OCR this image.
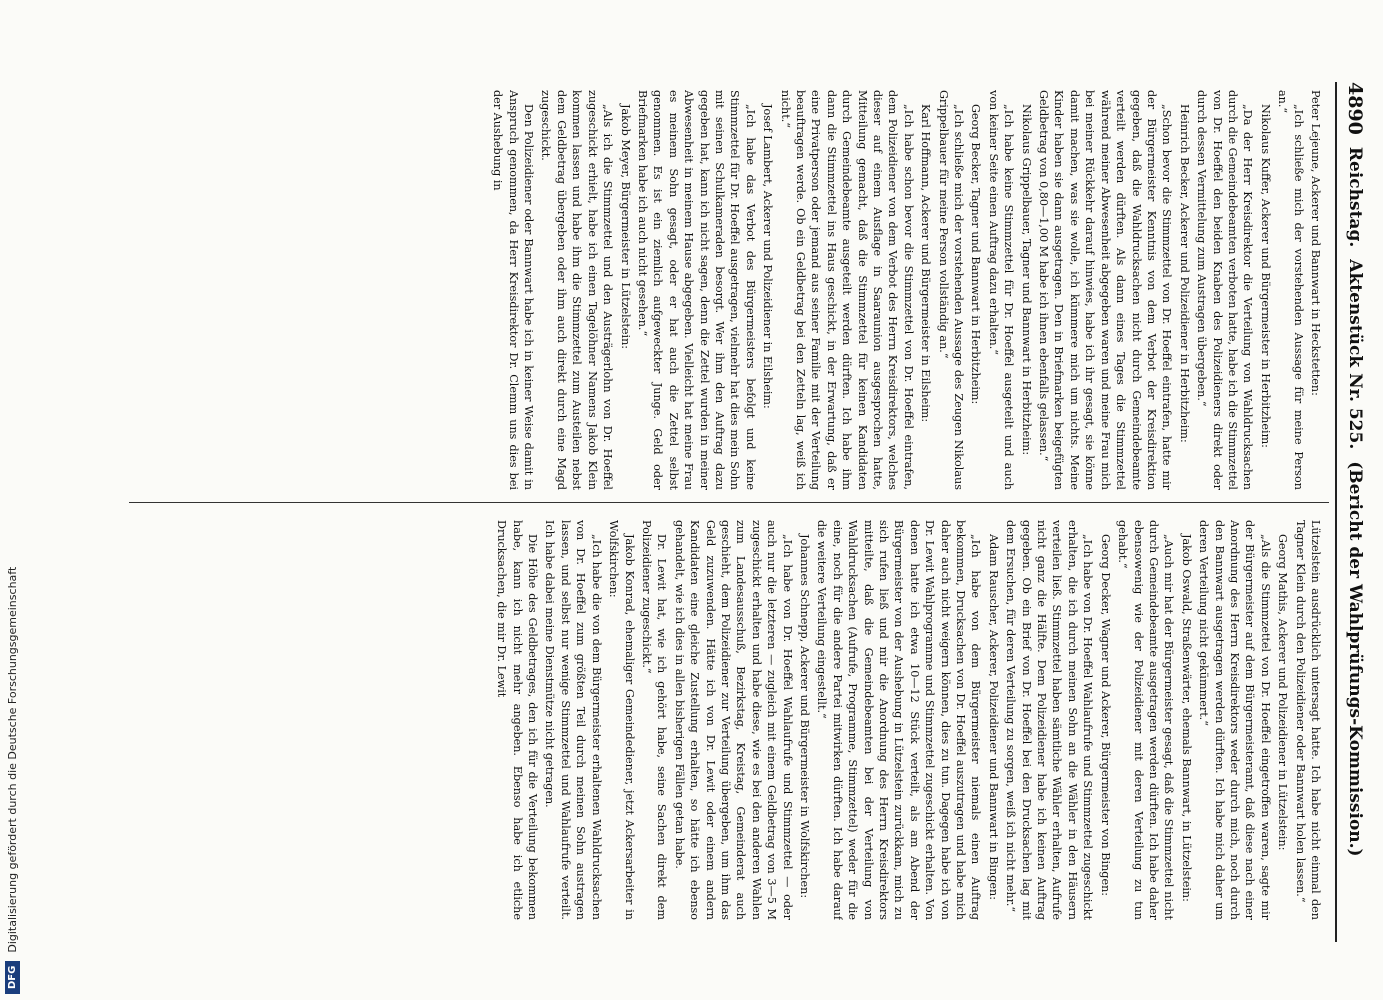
4890
Reichstag.
Aktenstück Nr. 525.
(Bericht der Wahlprüfungs-Kommission.)

Peter Lejeune, Ackerer und Bannwart in Heckstetten:

„Ich schließe mich der vorstehenden Aussage für meine Person an.“

Nikolaus Kuffer, Ackerer und Bürgermeister in Herbitzheim:

„Da der Herr Kreisdirektor die Verteilung von Wahldrucksachen durch die Gemeindebeamten verboten hatte, habe ich die Stimmzettel von Dr. Hoeffel den beiden Knaben des Polizeidieners direkt oder durch dessen Vermittelung zum Austragen übergeben.“

Heinrich Becker, Ackerer und Polizeidiener in Herbitzheim:

„Schon bevor die Stimmzettel von Dr. Hoeffel eintrafen, hatte mir der Bürgermeister Kenntnis von dem Verbot der Kreisdirektion gegeben, daß die Wahldrucksachen nicht durch Gemeindebeamte verteilt werden dürften. Als dann eines Tages die Stimmzettel während meiner Abwesenheit abgegeben waren und meine Frau mich bei meiner Rückkehr darauf hinwies, habe ich ihr gesagt, sie könne damit machen, was sie wolle, ich kümmere mich um nichts. Meine Kinder haben sie dann ausgetragen. Den in Briefmarken beigefügten Geldbetrag von 0,80—1,00 M habe ich ihnen ebenfalls gelassen.“

Nikolaus Grippelbauer, Tagner und Bannwart in Herbitzheim:

„Ich habe keine Stimmzettel für Dr. Hoeffel ausgeteilt und auch von keiner Seite einen Auftrag dazu erhalten.“

Georg Becker, Tagner und Bannwart in Herbitzheim:

„Ich schließe mich der vorstehenden Aussage des Zeugen Nikolaus Grippelbauer für meine Person vollständig an.“

Karl Hoffmann, Ackerer und Bürgermeister in Eilsheim:

„Ich habe schon bevor die Stimmzettel von Dr. Hoeffel eintrafen, dem Polizeidiener von dem Verbot des Herrn Kreisdirektors, welches dieser auf einem Ausflage in Saaraunion ausgesprochen hatte, Mitteilung gemacht, daß die Stimmzettel für keinen Kandidaten durch Gemeindebeamte ausgeteilt werden dürften. Ich habe ihm dann die Stimmzettel ins Haus geschickt, in der Erwartung, daß er eine Privatperson oder jemand aus seiner Familie mit der Verteilung beauftragen werde. Ob ein Geldbetrag bei den Zetteln lag, weiß ich nicht.“

Josef Lambert, Ackerer und Polizeidiener in Eilsheim:

„Ich habe das Verbot des Bürgermeisters befolgt und keine Stimmzettel für Dr. Hoeffel ausgetragen, vielmehr hat dies mein Sohn mit seinen Schulkameraden besorgt. Wer ihm den Auftrag dazu gegeben hat, kann ich nicht sagen, denn die Zettel wurden in meiner Abwesenheit in meinem Hause abgegeben. Vielleicht hat meine Frau es meinem Sohn gesagt, oder er hat auch die Zettel selbst genommen. Es ist ein ziemlich aufgeweckter Junge. Geld oder Briefmarken habe ich auch nicht gesehen.“

Jakob Meyer, Bürgermeister in Lützelstein:

„Als ich die Stimmzettel und den Austrägerlohn von Dr. Hoeffel zugeschickt erhielt, habe ich einen Tagelöhner Namens Jakob Klein kommen lassen und habe ihm die Stimmzettel zum Austeilen nebst dem Geldbetrag übergeben oder ihm auch direkt durch eine Magd zugeschickt.

Den Polizeidiener oder Bannwart habe ich in keiner Weise damit in Anspruch genommen, da Herr Kreisdirektor Dr. Clemm uns dies bei der Aushebung in

Lützelstein ausdrücklich untersagt hatte. Ich habe nicht einmal den Tagner Klein durch den Polizeidiener oder Bannwart holen lassen.“

Georg Mathis, Ackerer und Polizeidiener in Lützelstein:

„Als die Stimmzettel von Dr. Hoeffel eingetroffen waren, sagte mir der Bürgermeister auf dem Bürgermeisteramt, daß diese nach einer Anordnung des Herrn Kreisdirektors weder durch mich, noch durch den Bannwart ausgetragen werden dürften. Ich habe mich daher um deren Verteilung nicht gekümmert.“

Jakob Oswald, Straßenwärter, ehemals Bannwart, in Lützelstein:

„Auch mir hat der Bürgermeister gesagt, daß die Stimmzettel nicht durch Gemeindebeamte ausgetragen werden dürften. Ich habe daher ebensowenig wie der Polizeidiener mit deren Verteilung zu tun gehabt.“

Georg Decker, Wagner und Ackerer, Bürgermeister von Bingen:

„Ich habe von Dr. Hoeffel Wahlaufrufe und Stimmzettel zugeschickt erhalten, die ich durch meinen Sohn an die Wähler in den Häusern verteilen ließ. Stimmzettel haben sämtliche Wähler erhalten, Aufrufe nicht ganz die Hälfte. Dem Polizeidiener habe ich keinen Auftrag gegeben. Ob ein Brief von Dr. Hoeffel bei den Drucksachen lag mit dem Ersuchen, für deren Verteilung zu sorgen, weiß ich nicht mehr.“

Adam Rauscher, Ackerer, Polizeidiener und Bannwart in Bingen:

„Ich habe von dem Bürgermeister niemals einen Auftrag bekommen, Drucksachen von Dr. Hoeffel auszutragen und habe mich daher auch nicht weigern können, dies zu tun. Dagegen habe ich von Dr. Lewit Wahlprogramme und Stimmzettel zugeschickt erhalten. Von denen hatte ich etwa 10—12 Stück verteilt, als am Abend der Bürgermeister von der Aushebung in Lützelstein zurückkam, mich zu sich rufen ließ und mir die Anordnung des Herrn Kreisdirektors mitteilte, daß die Gemeindebeamten bei der Verteilung von Wahldrucksachen (Aufrufe, Programme, Stimmzettel) weder für die eine, noch für die andere Partei mitwirken dürften. Ich habe darauf die weitere Verteilung eingestellt.“

Johannes Schnepp, Ackerer und Bürgermeister in Wolfskirchen:

„Ich habe von Dr. Hoeffel Wahlaufrufe und Stimmzettel — oder auch nur die letzteren — zugleich mit einem Geldbetrag von 3—5 M zugeschickt erhalten und habe diese, wie es bei den anderen Wahlen zum Landesausschuß, Bezirkstag, Kreistag, Gemeinderat auch geschieht, dem Polizeidiener zur Verteilung übergeben, um ihm das Geld zuzuwenden. Hätte ich von Dr. Lewit oder einem andern Kandidaten eine gleiche Zustellung erhalten, so hätte ich ebenso gehandelt, wie ich dies in allen bisherigen Fällen getan habe.

Dr. Lewit hat, wie ich gehört habe, seine Sachen direkt dem Polizeidiener zugeschickt.“

Jakob Konrad, ehemaliger Gemeindediener, jetzt Ackersarbeiter in Wolfskirchen:

„Ich habe die von dem Bürgermeister erhaltenen Wahldrucksachen von Dr. Hoeffel zum größten Teil durch meinen Sohn austragen lassen, und selbst nur wenige Stimmzettel und Wahlaufrufe verteilt. Ich habe dabei meine Dienstmütze nicht getragen.

Die Höhe des Geldbetrages, den ich für die Verteilung bekommen habe, kann ich nicht mehr angeben. Ebenso habe ich etliche Drucksachen, die mir Dr. Lewit

DFG
Digitalisierung gefördert durch die Deutsche Forschungsgemeinschaft
